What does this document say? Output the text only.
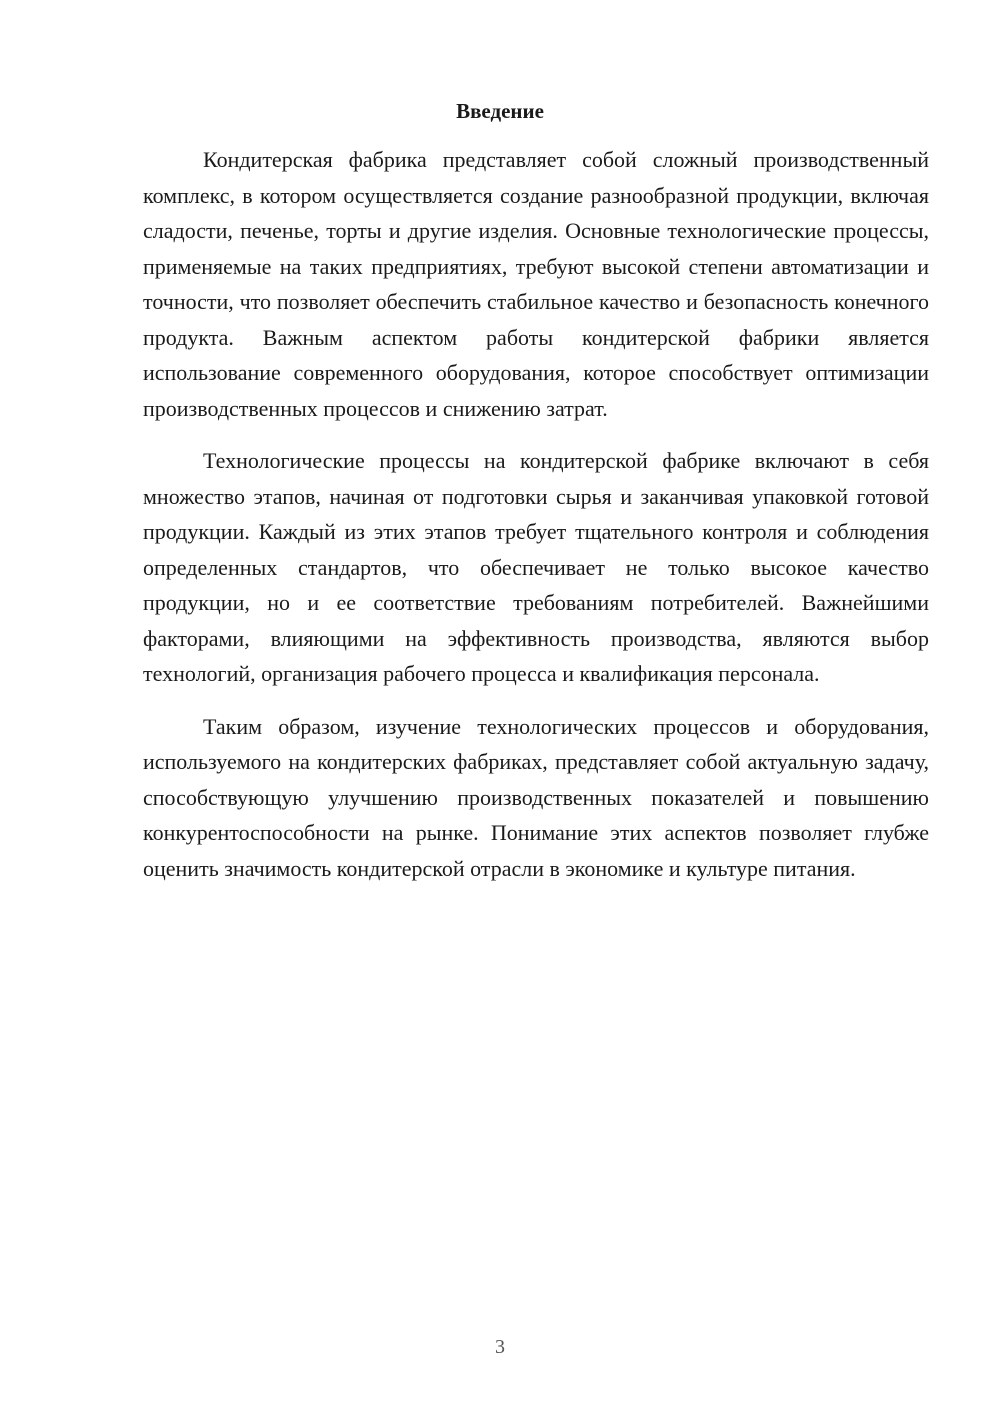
Введение

Кондитерская фабрика представляет собой сложный производственный комплекс, в котором осуществляется создание разнообразной продукции, включая сладости, печенье, торты и другие изделия. Основные технологические процессы, применяемые на таких предприятиях, требуют высокой степени автоматизации и точности, что позволяет обеспечить стабильное качество и безопасность конечного продукта. Важным аспектом работы кондитерской фабрики является использование современного оборудования, которое способствует оптимизации производственных процессов и снижению затрат.

Технологические процессы на кондитерской фабрике включают в себя множество этапов, начиная от подготовки сырья и заканчивая упаковкой готовой продукции. Каждый из этих этапов требует тщательного контроля и соблюдения определенных стандартов, что обеспечивает не только высокое качество продукции, но и ее соответствие требованиям потребителей. Важнейшими факторами, влияющими на эффективность производства, являются выбор технологий, организация рабочего процесса и квалификация персонала.

Таким образом, изучение технологических процессов и оборудования, используемого на кондитерских фабриках, представляет собой актуальную задачу, способствующую улучшению производственных показателей и повышению конкурентоспособности на рынке. Понимание этих аспектов позволяет глубже оценить значимость кондитерской отрасли в экономике и культуре питания.

3
